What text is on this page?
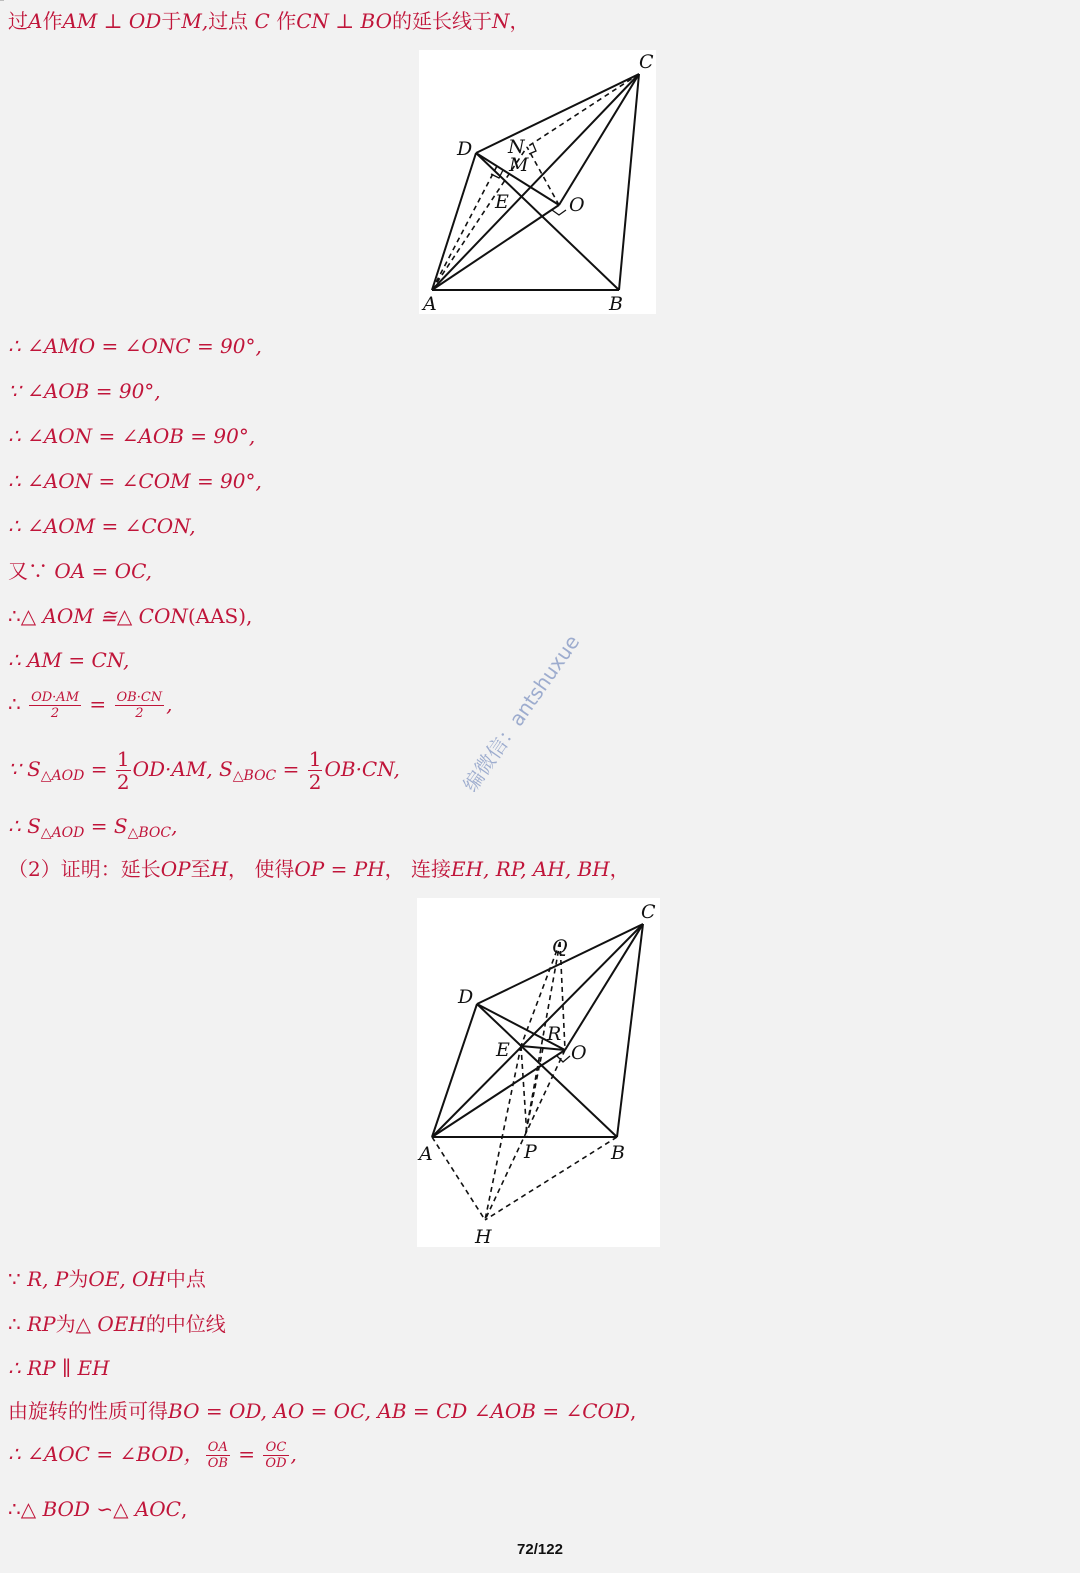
过A作AM ⊥ OD于M,过点 C 作CN ⊥ BO的延长线于N，
C
D N
M
E	O
A	B
∴ ∠AMO = ∠ONC = 90°,
∵ ∠AOB = 90°,
∴ ∠AON = ∠AOB = 90°,
∴ ∠AON = ∠COM = 90°,
∴ ∠AOM = ∠CON,
又∵ OA = OC,
∴△ AOM ≅△ CON(AAS),
∴ AM = CN,
∴ $\frac{OD\cdot AM}{2} = \frac{OB\cdot CN}{2}$ ,
∵ $S_{\triangle AOD} = \frac{1}{2} OD\cdot AM$, $S_{\triangle BOC} = \frac{1}{2} OB\cdot CN$,
∴ $S_{\triangle AOD} = S_{\triangle BOC}$,
（2）证明：延长OP至H， 使得OP = PH， 连接EH, RP, AH, BH，
C
Q
D
R
E	O
A	P	B
H
∵ R, P为OE, OH中点
∴ RP为△ OEH的中位线
∴ RP ∥ EH
由旋转的性质可得BO = OD, AO = OC, AB = CD ∠AOB = ∠COD,
∴ ∠AOC = ∠BOD， $\frac{OA}{OB} = \frac{OC}{OD}$ ,
∴△ BOD ∽△ AOC,
编微信：antshuxue
72/122
